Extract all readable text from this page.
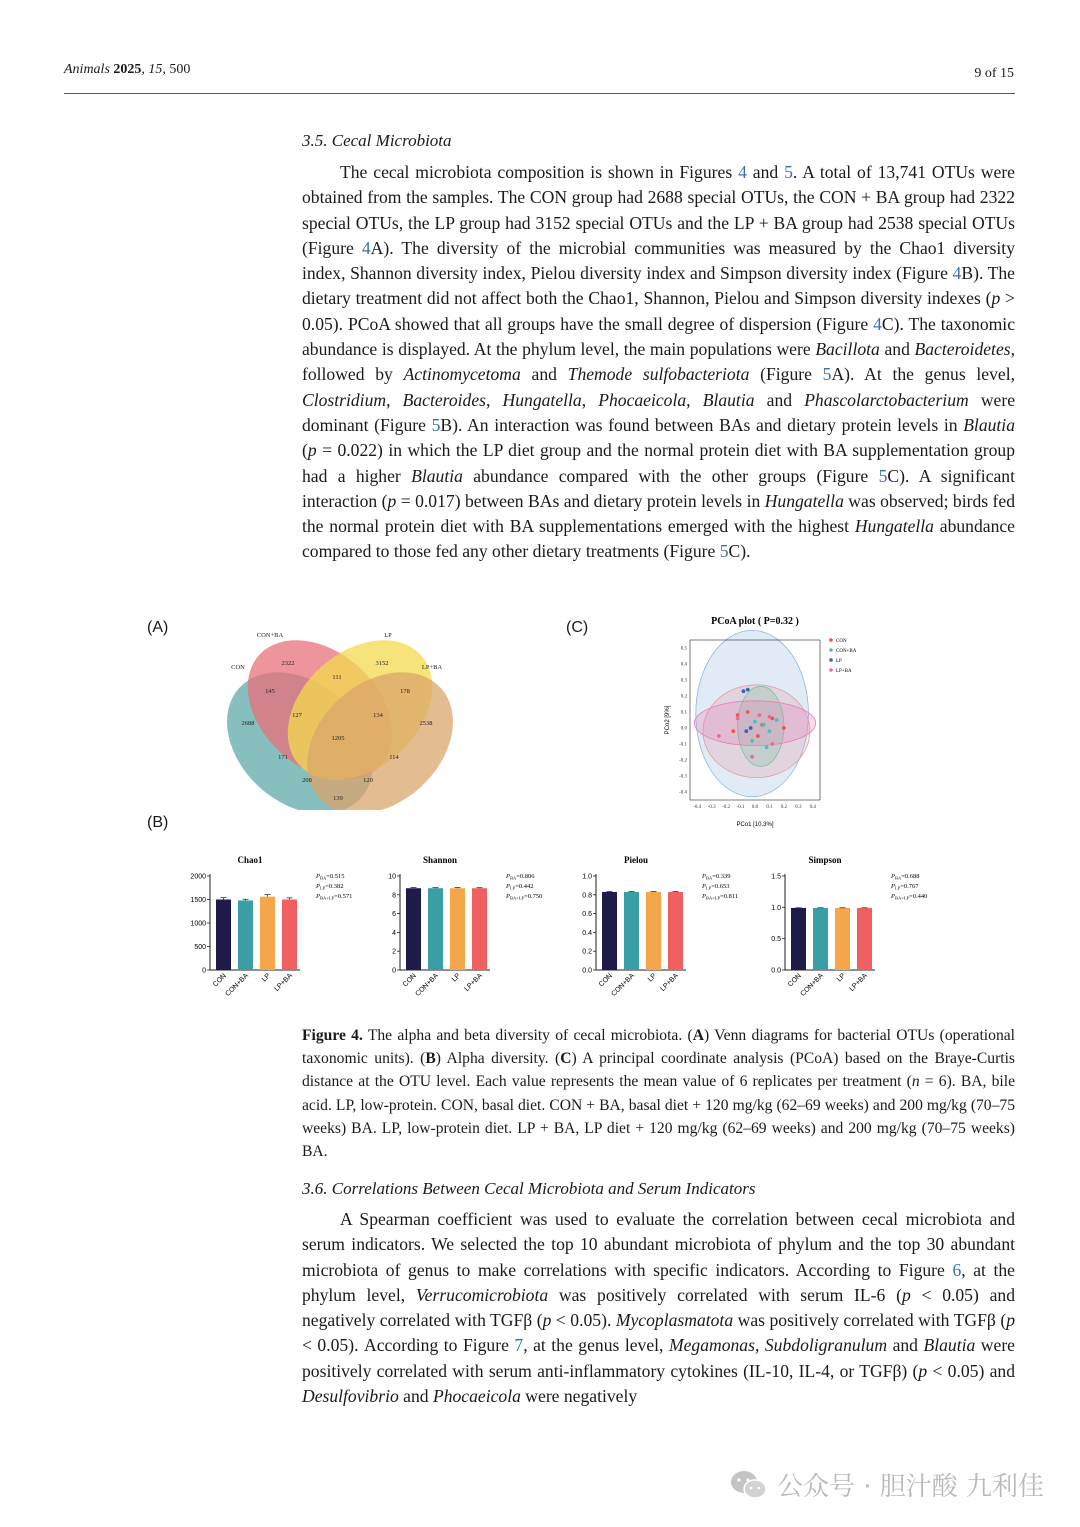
Animals 2025, 15, 500	9 of 15
3.5. Cecal Microbiota

The cecal microbiota composition is shown in Figures 4 and 5. A total of 13,741 OTUs were obtained from the samples. The CON group had 2688 special OTUs, the CON + BA group had 2322 special OTUs, the LP group had 3152 special OTUs and the LP + BA group had 2538 special OTUs (Figure 4A). The diversity of the microbial communities was measured by the Chao1 diversity index, Shannon diversity index, Pielou diversity index and Simpson diversity index (Figure 4B). The dietary treatment did not affect both the Chao1, Shannon, Pielou and Simpson diversity indexes (p > 0.05). PCoA showed that all groups have the small degree of dispersion (Figure 4C). The taxonomic abundance is displayed. At the phylum level, the main populations were Bacillota and Bacteroidetes, followed by Actinomycetoma and Themode sulfobacteriota (Figure 5A). At the genus level, Clostridium, Bacteroides, Hungatella, Phocaeicola, Blautia and Phascolarctobacterium were dominant (Figure 5B). An interaction was found between BAs and dietary protein levels in Blautia (p = 0.022) in which the LP diet group and the normal protein diet with BA supplementation group had a higher Blautia abundance compared with the other groups (Figure 5C). A significant interaction (p = 0.017) between BAs and dietary protein levels in Hungatella was observed; birds fed the normal protein diet with BA supplementations emerged with the highest Hungatella abundance compared to those fed any other dietary treatments (Figure 5C).

(A)	(C)
(B)
CON
CON+BA	LP
LP+BA
2688
2322	3152
2538
145
111
178
139
127	134
1205
171	114
208	120
PCoA plot ( P=0.32 )
-0.4 -0.3 -0.2 -0.1 0.0 0.1 0.2 0.3 0.4
0.5
0.4
0.3
0.2
0.1
0.0
-0.1
-0.2
-0.3
-0.4
PCo1 [10.3%]
PCo2 [9%]
CON
CON+BA
LP
LP+BA
Chao1
0
500
1000
1500
2000
CON
CON+BA LP LP+BA
$P_{BA}=0.515$
$P_{LP}=0.382$
$P_{BA\times LP}=0.571$
Shannon
0
2
4
6
8
10
CON
CON+BA LP LP+BA
$P_{BA}=0.806$
$P_{LP}=0.442$
$P_{BA\times LP}=0.750$
Pielou
0.0
0.2
0.4
0.6
0.8
1.0
CON
CON+BA LP LP+BA
$P_{BA}=0.339$
$P_{LP}=0.653$
$P_{BA\times LP}=0.811$
Simpson
0.0
0.5
1.0
1.5
CON
CON+BA LP LP+BA
$P_{BA}=0.688$
$P_{LP}=0.767$
$P_{BA\times LP}=0.440$
Figure 4. The alpha and beta diversity of cecal microbiota. (A) Venn diagrams for bacterial OTUs (operational taxonomic units). (B) Alpha diversity. (C) A principal coordinate analysis (PCoA) based on the Braye-Curtis distance at the OTU level. Each value represents the mean value of 6 replicates per treatment (n = 6). BA, bile acid. LP, low-protein. CON, basal diet. CON + BA, basal diet + 120 mg/kg (62–69 weeks) and 200 mg/kg (70–75 weeks) BA. LP, low-protein diet. LP + BA, LP diet + 120 mg/kg (62–69 weeks) and 200 mg/kg (70–75 weeks) BA.
3.6. Correlations Between Cecal Microbiota and Serum Indicators

A Spearman coefficient was used to evaluate the correlation between cecal microbiota and serum indicators. We selected the top 10 abundant microbiota of phylum and the top 30 abundant microbiota of genus to make correlations with specific indicators. According to Figure 6, at the phylum level, Verrucomicrobiota was positively correlated with serum IL-6 (p < 0.05) and negatively correlated with TGFβ (p < 0.05). Mycoplasmatota was positively correlated with TGFβ (p < 0.05). According to Figure 7, at the genus level, Megamonas, Subdoligranulum and Blautia were positively correlated with serum anti-inflammatory cytokines (IL-10, IL-4, or TGFβ) (p < 0.05) and Desulfovibrio and Phocaeicola were negatively

公众号 · 胆汁酸 九利佳
